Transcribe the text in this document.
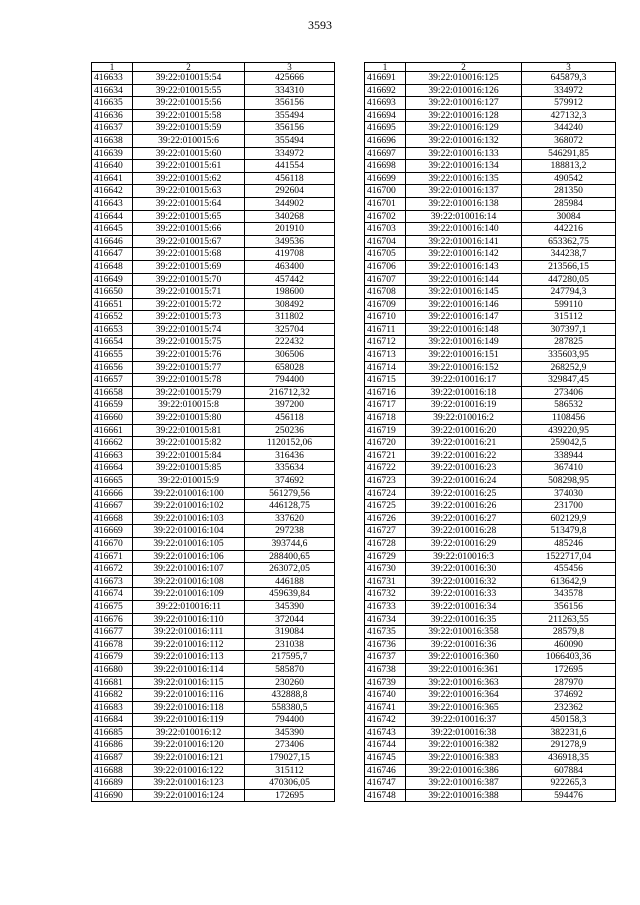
3593
1	2	3
416633	39:22:010015:54	425666
416634	39:22:010015:55	334310
416635	39:22:010015:56	356156
416636	39:22:010015:58	355494
416637	39:22:010015:59	356156
416638	39:22:010015:6	355494
416639	39:22:010015:60	334972
416640	39:22:010015:61	441554
416641	39:22:010015:62	456118
416642	39:22:010015:63	292604
416643	39:22:010015:64	344902
416644	39:22:010015:65	340268
416645	39:22:010015:66	201910
416646	39:22:010015:67	349536
416647	39:22:010015:68	419708
416648	39:22:010015:69	463400
416649	39:22:010015:70	457442
416650	39:22:010015:71	198600
416651	39:22:010015:72	308492
416652	39:22:010015:73	311802
416653	39:22:010015:74	325704
416654	39:22:010015:75	222432
416655	39:22:010015:76	306506
416656	39:22:010015:77	658028
416657	39:22:010015:78	794400
416658	39:22:010015:79	216712,32
416659	39:22:010015:8	397200
416660	39:22:010015:80	456118
416661	39:22:010015:81	250236
416662	39:22:010015:82	1120152,06
416663	39:22:010015:84	316436
416664	39:22:010015:85	335634
416665	39:22:010015:9	374692
416666	39:22:010016:100	561279,56
416667	39:22:010016:102	446128,75
416668	39:22:010016:103	337620
416669	39:22:010016:104	297238
416670	39:22:010016:105	393744,6
416671	39:22:010016:106	288400,65
416672	39:22:010016:107	263072,05
416673	39:22:010016:108	446188
416674	39:22:010016:109	459639,84
416675	39:22:010016:11	345390
416676	39:22:010016:110	372044
416677	39:22:010016:111	319084
416678	39:22:010016:112	231038
416679	39:22:010016:113	217595,7
416680	39:22:010016:114	585870
416681	39:22:010016:115	230260
416682	39:22:010016:116	432888,8
416683	39:22:010016:118	558380,5
416684	39:22:010016:119	794400
416685	39:22:010016:12	345390
416686	39:22:010016:120	273406
416687	39:22:010016:121	179027,15
416688	39:22:010016:122	315112
416689	39:22:010016:123	470306,05
416690	39:22:010016:124	172695
1	2	3
416691	39:22:010016:125	645879,3
416692	39:22:010016:126	334972
416693	39:22:010016:127	579912
416694	39:22:010016:128	427132,3
416695	39:22:010016:129	344240
416696	39:22:010016:132	368072
416697	39:22:010016:133	546291,85
416698	39:22:010016:134	188813,2
416699	39:22:010016:135	490542
416700	39:22:010016:137	281350
416701	39:22:010016:138	285984
416702	39:22:010016:14	30084
416703	39:22:010016:140	442216
416704	39:22:010016:141	653362,75
416705	39:22:010016:142	344238,7
416706	39:22:010016:143	213566,15
416707	39:22:010016:144	447280,05
416708	39:22:010016:145	247794,3
416709	39:22:010016:146	599110
416710	39:22:010016:147	315112
416711	39:22:010016:148	307397,1
416712	39:22:010016:149	287825
416713	39:22:010016:151	335603,95
416714	39:22:010016:152	268252,9
416715	39:22:010016:17	329847,45
416716	39:22:010016:18	273406
416717	39:22:010016:19	586532
416718	39:22:010016:2	1108456
416719	39:22:010016:20	439220,95
416720	39:22:010016:21	259042,5
416721	39:22:010016:22	338944
416722	39:22:010016:23	367410
416723	39:22:010016:24	508298,95
416724	39:22:010016:25	374030
416725	39:22:010016:26	231700
416726	39:22:010016:27	602129,9
416727	39:22:010016:28	513479,8
416728	39:22:010016:29	485246
416729	39:22:010016:3	1522717,04
416730	39:22:010016:30	455456
416731	39:22:010016:32	613642,9
416732	39:22:010016:33	343578
416733	39:22:010016:34	356156
416734	39:22:010016:35	211263,55
416735	39:22:010016:358	28579,8
416736	39:22:010016:36	460090
416737	39:22:010016:360	1066403,36
416738	39:22:010016:361	172695
416739	39:22:010016:363	287970
416740	39:22:010016:364	374692
416741	39:22:010016:365	232362
416742	39:22:010016:37	450158,3
416743	39:22:010016:38	382231,6
416744	39:22:010016:382	291278,9
416745	39:22:010016:383	436918,35
416746	39:22:010016:386	607884
416747	39:22:010016:387	922265,3
416748	39:22:010016:388	594476
